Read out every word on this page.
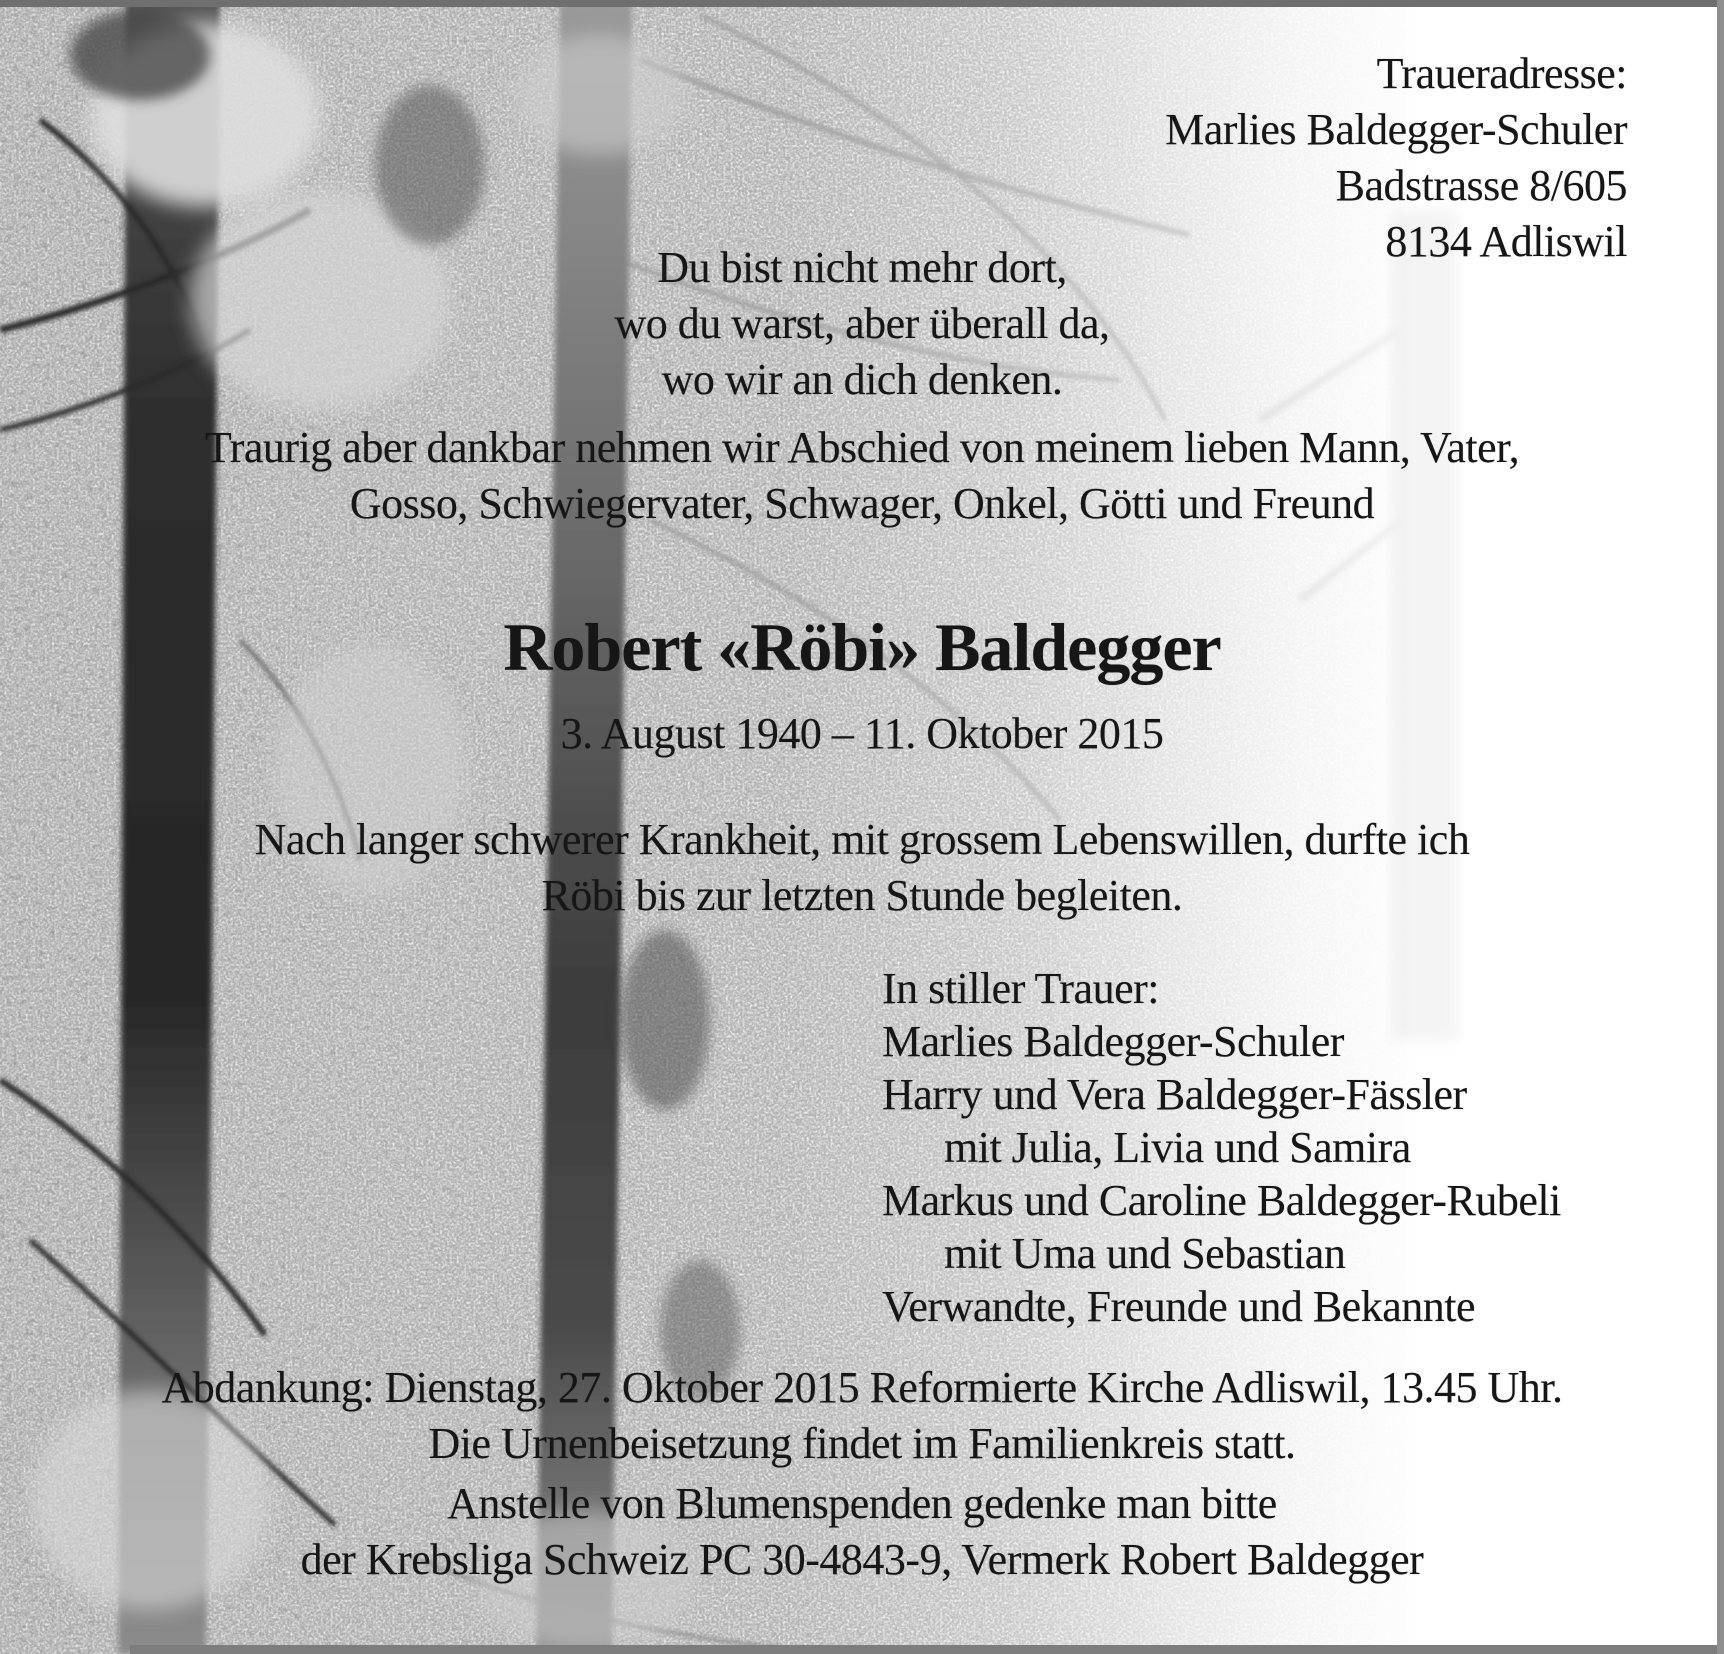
Traueradresse:
Marlies Baldegger-Schuler
Badstrasse 8/605
8134 Adliswil
Du bist nicht mehr dort,
wo du warst, aber überall da,
wo wir an dich denken.
Traurig aber dankbar nehmen wir Abschied von meinem lieben Mann, Vater,
Gosso, Schwiegervater, Schwager, Onkel, Götti und Freund
Robert «Röbi» Baldegger
3. August 1940 – 11. Oktober 2015
Nach langer schwerer Krankheit, mit grossem Lebenswillen, durfte ich
Röbi bis zur letzten Stunde begleiten.
In stiller Trauer:
Marlies Baldegger-Schuler
Harry und Vera Baldegger-Fässler
mit Julia, Livia und Samira
Markus und Caroline Baldegger-Rubeli
mit Uma und Sebastian
Verwandte, Freunde und Bekannte
Abdankung: Dienstag, 27. Oktober 2015 Reformierte Kirche Adliswil, 13.45 Uhr.
Die Urnenbeisetzung findet im Familienkreis statt.
Anstelle von Blumenspenden gedenke man bitte
der Krebsliga Schweiz PC 30-4843-9, Vermerk Robert Baldegger
